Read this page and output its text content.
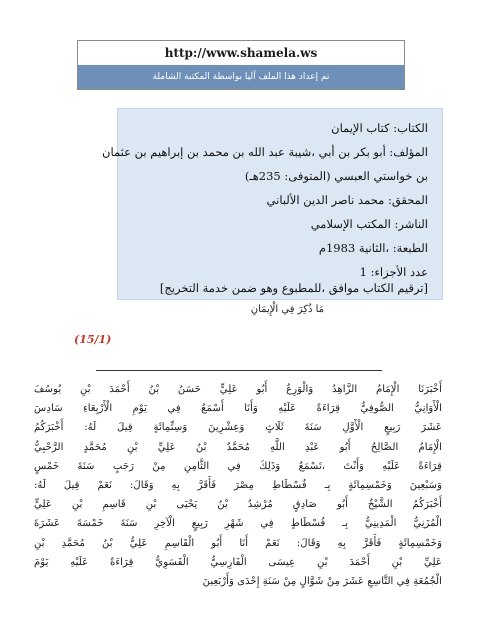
http://www.shamela.ws
تم إعداد هذا الملف آليا بواسطة المكتبة الشاملة
الكتاب: كتاب الإيمان
المؤلف: أبو بكر بن أبي ،شيبة عبد الله بن محمد بن إبراهيم بن عثمان
بن خواستي العبسي (المتوفى: 235هـ)
المحقق: محمد ناصر الدين الألباني
الناشر: المكتب الإسلامي
الطبعة: ،الثانية 1983م
عدد الأجزاء: 1
[ترقيم الكتاب موافق ،للمطبوع وهو ضمن خدمة التخريج]
مَا ذُكِرَ فِي الْإِيمَانِ
(15/1)
أَخْبَرَنَا الْإِمَامُ الزَّاهِدُ وَالْوَرِعُ أَبُو عَلِيٍّ حَسَنُ بْنُ أَحْمَدَ بْنِ يُوسُفَ
الْأَوَانِيُّ الصُّوفِيُّ قِرَاءَةً عَلَيْهِ وَأَنَا أَسْمَعُ فِي يَوْمِ الْأَرْبِعَاءِ سَادِسَ
عَشَرَ رَبِيعٍ الْأَوَّلِ سَنَةَ ثَلَاثٍ وَعِشْرِينَ وَسِتِّمِائَةٍ قِيلَ لَهُ: أَخْبَرَكُمُ
الْإِمَامُ الصَّالِحُ أَبُو عَبْدِ اللَّهِ مُحَمَّدُ بْنُ عَلِيِّ بْنِ مُحَمَّدٍ الرَّحْبِيُّ
قِرَاءَةً عَلَيْهِ وَأَنْتَ ،تَسْمَعُ وَذَلِكَ فِي الثَّامِنِ مِنْ رَجَبٍ سَنَةَ خَمْسٍ
وَسَبْعِينَ وَخَمْسِمِائَةٍ بِـ فُسْطَاطِ مِصْرَ فَأَقَرَّ بِهِ وَقَالَ: نَعَمْ قِيلَ لَهُ:
أَخْبَرَكُمُ الشَّيْخُ أَبُو صَادِقٍ مُرْشِدُ بْنُ يَحْيَى بْنِ قَاسِمِ بْنِ عَلِيٍّ
الْمُزَنِيُّ الْمَدِينِيُّ بِـ فُسْطَاطٍ فِي شَهْرِ رَبِيعٍ الْآخِرِ سَنَةَ خَمْسَةَ عَشَرَةَ
وَخَمْسِمِائَةٍ فَأَقَرَّ بِهِ وَقَالَ: نَعَمْ أَنَا أَبُو الْقَاسِمِ عَلِيُّ بْنُ مُحَمَّدِ بْنِ
عَلِيِّ بْنِ أَحْمَدَ بْنِ عِيسَى الْفَارِسِيُّ الْفَسَوِيُّ قِرَاءَةً عَلَيْهِ يَوْمَ
الْجُمُعَةِ فِي التَّاسِعِ عَشَرَ مِنْ شَوَّالٍ مِنْ سَنَةِ إِحْدَى وَأَرْبَعِينَ
